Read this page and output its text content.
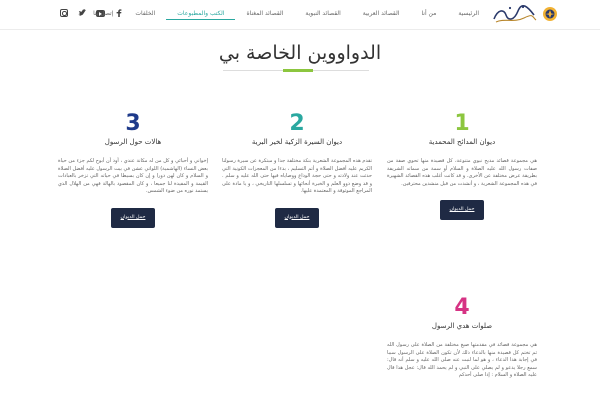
الرئيسية
من أنا
القصائد العربية
القصائد النبوية
القصائد المغناة
الكتب والمطبوعات
الخلفات
إتصل بنا
الدواووين الخاصة بي
1
ديوان المدائح المحمدية

هي مجموعة قصائد مديح نبوي متنوعة، كل قصيدة منها تحوي صفة من صفات رسول الله عليه الصلاة و السلام أو سمة من سماته الشريفة بطريقة عرض مختلفة عن الأخرى. و قد كانت أغلب هذه القصائد الشهيرة في هذه المجموعة الشعرية ، و أنشدت من قبل منشدين محترفين.

حمل الديوان
2
ديوان السيرة الزكية لخير البرية

تقدم هذه المجموعة الشعرية بنكة مختلفة جدا و مبتكرة عن سيرة رسولنا الكريم عليه أفضل الصلاة و أتم التسليم ، بدءا من المعجزات الكونية التي حدثت عند ولادته و حتى حجة الوداع ووصاياه فيها حتى الله عليه و سلم . و قد وضع ذوو العلم و الخبرة أنحائها و تسلسلها التاريخي ، و يا مادة على المراجع الموثوقة و المعتمدة عليها.

حمل الديوان
3
هالات حول الرسول

إخواني و أحبائي و كل من له مكانة عندي ، أود أن أبوح لكم جزء من حياة بعض النساء (الهاشمية) اللواتي عشن في بيت الرسول عليه أفضل الصلاة و السلام و كان لهن دورا و إن كان بسيطا في حياته التي تزخر بالعبادات القيمة و المفيدة لنا جميعا ، و كان المقصود بالهالة فهي من الهلال الذي يستمد نوره من ضوء الشمس.

حمل الديوان
4
صلوات هدي الرسول

هي مجموعة قصائد في مقدمتها صيغ مختلفة من الصلاة على رسول الله ثم تختم كل قصيدة منها بالدعاء ذلك لأن تكون الصلاة على الرسول سببا في إجابة هذا الدعاء ، و هو لما لنبت عنه صلى الله عليه و سلم أنه قال: سمع رجلا يدعو و لم يصلي على النبي و لم يحمد الله قال: عجل هذا قال عليه الصلاة و السلام : إذا صلى أحدكم
